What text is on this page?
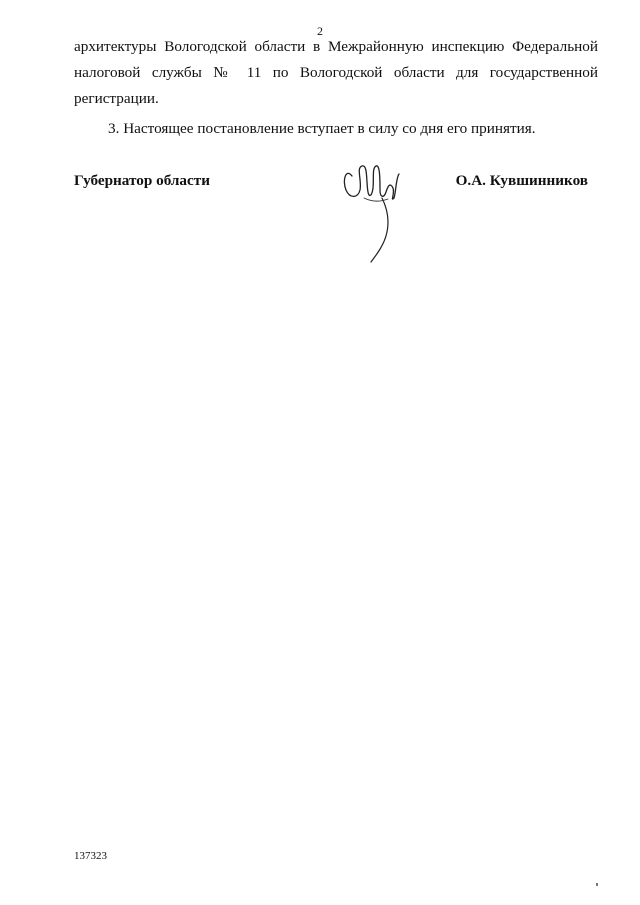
2
архитектуры Вологодской области в Межрайонную инспекцию Федеральной
налоговой службы № 11 по Вологодской области для государственной
регистрации.
3. Настоящее постановление вступает в силу со дня его принятия.
Губернатор области	О.А. Кувшинников
137323
